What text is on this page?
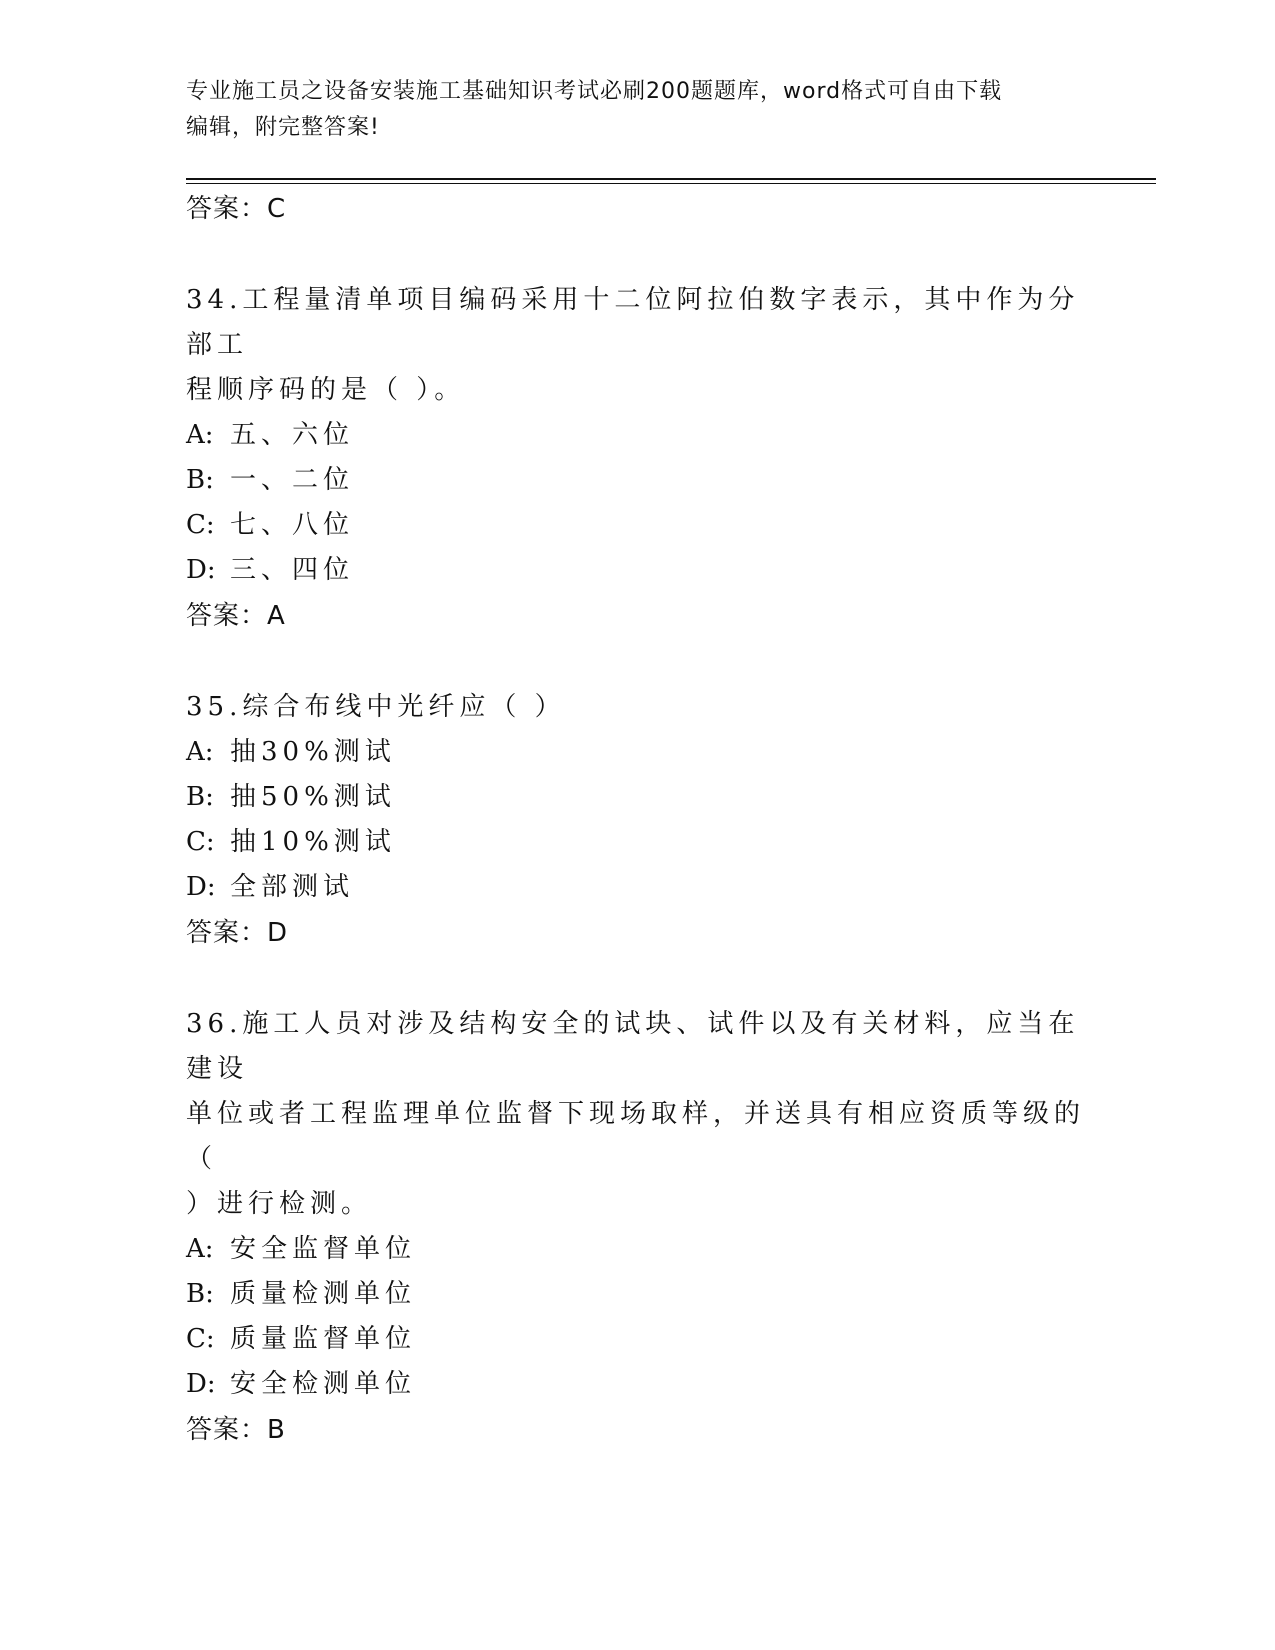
专业施工员之设备安装施工基础知识考试必刷200题题库，word格式可自由下载
编辑，附完整答案!
答案：C
34.工程量清单项目编码采用十二位阿拉伯数字表示，其中作为分部工
程顺序码的是（ ）。
A: 五、六位
B: 一、二位
C: 七、八位
D: 三、四位
答案：A
35.综合布线中光纤应（ ）
A: 抽30%测试
B: 抽50%测试
C: 抽10%测试
D: 全部测试
答案：D
36.施工人员对涉及结构安全的试块、试件以及有关材料，应当在建设
单位或者工程监理单位监督下现场取样，并送具有相应资质等级的（
）进行检测。
A: 安全监督单位
B: 质量检测单位
C: 质量监督单位
D: 安全检测单位
答案：B
